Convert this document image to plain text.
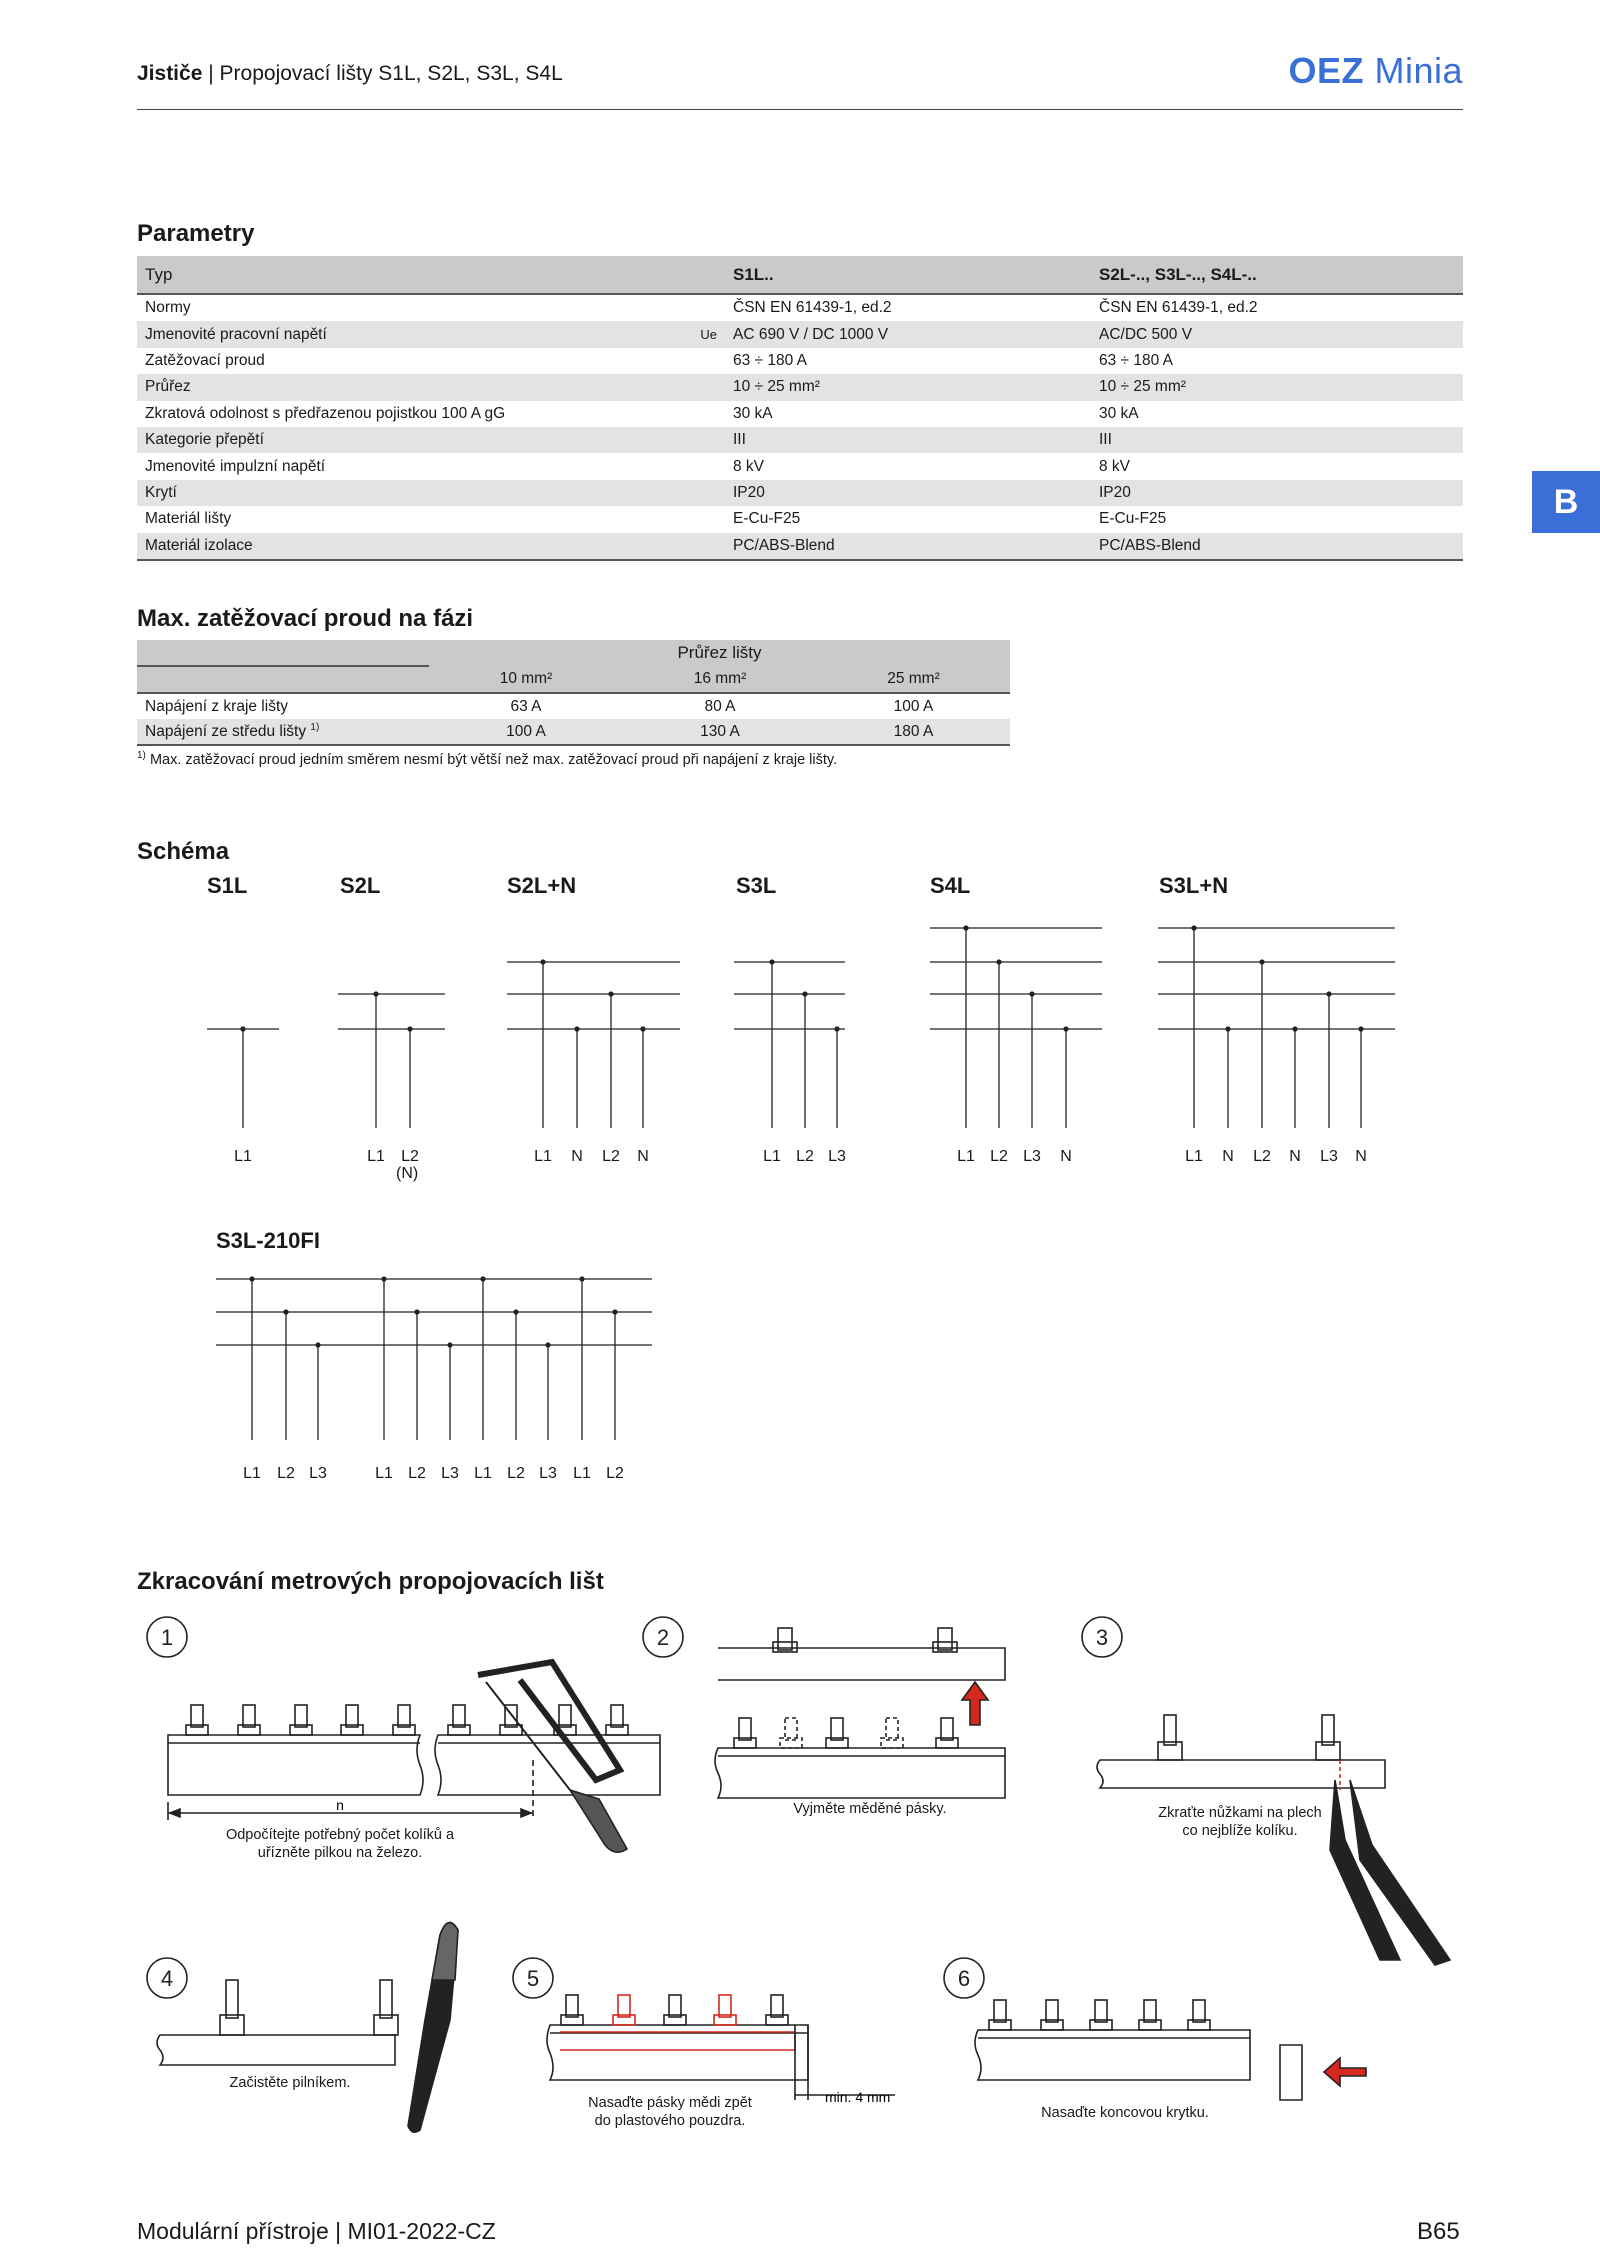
Jističe | Propojovací lišty S1L, S2L, S3L, S4L	OEZ Minia
B
Parametry
Typ		S1L..	S2L-.., S3L-.., S4L-..
Normy		ČSN EN 61439-1, ed.2	ČSN EN 61439-1, ed.2
Jmenovité pracovní napětí	Ue	AC 690 V / DC 1000 V	AC/DC 500 V
Zatěžovací proud		63 ÷ 180 A	63 ÷ 180 A
Průřez		10 ÷ 25 mm²	10 ÷ 25 mm²
Zkratová odolnost s předřazenou pojistkou 100 A gG		30 kA	30 kA
Kategorie přepětí		III	III
Jmenovité impulzní napětí		8 kV	8 kV
Krytí		IP20	IP20
Materiál lišty		E-Cu-F25	E-Cu-F25
Materiál izolace		PC/ABS-Blend	PC/ABS-Blend
Max. zatěžovací proud na fázi
	Průřez lišty		
	10 mm²	16 mm²	25 mm²
Napájení z kraje lišty	63 A	80 A	100 A
Napájení ze středu lišty $^{1)}$	100 A	130 A	180 A
$^{1)}$ Max. zatěžovací proud jedním směrem nesmí být větší než max. zatěžovací proud při napájení z kraje lišty.
Schéma
S1L
L1
S2L
L1 L2
(N)
S2L+N
L1	N	L2	N
S3L
L1 L2 L3
S4L
L1 L2 L3	N
S3L+N
L1	N	L2	N	L3	N
S3L-210FI
L1 L2 L3	L1 L2 L3 L1 L2 L3 L1 L2
Zkracování metrových propojovacích lišt
1	2	3
4	5	6
n
min. 4 mm
Odpočítejte potřebný počet kolíků a uřízněte pilkou na železo.
Vyjměte měděné pásky.	Zkraťte nůžkami na plech co nejblíže kolíku.
Začistěte pilníkem.
Nasaďte pásky mědi zpět do plastového pouzdra.	Nasaďte koncovou krytku.
Modulární přístroje | MI01-2022-CZ	B65
